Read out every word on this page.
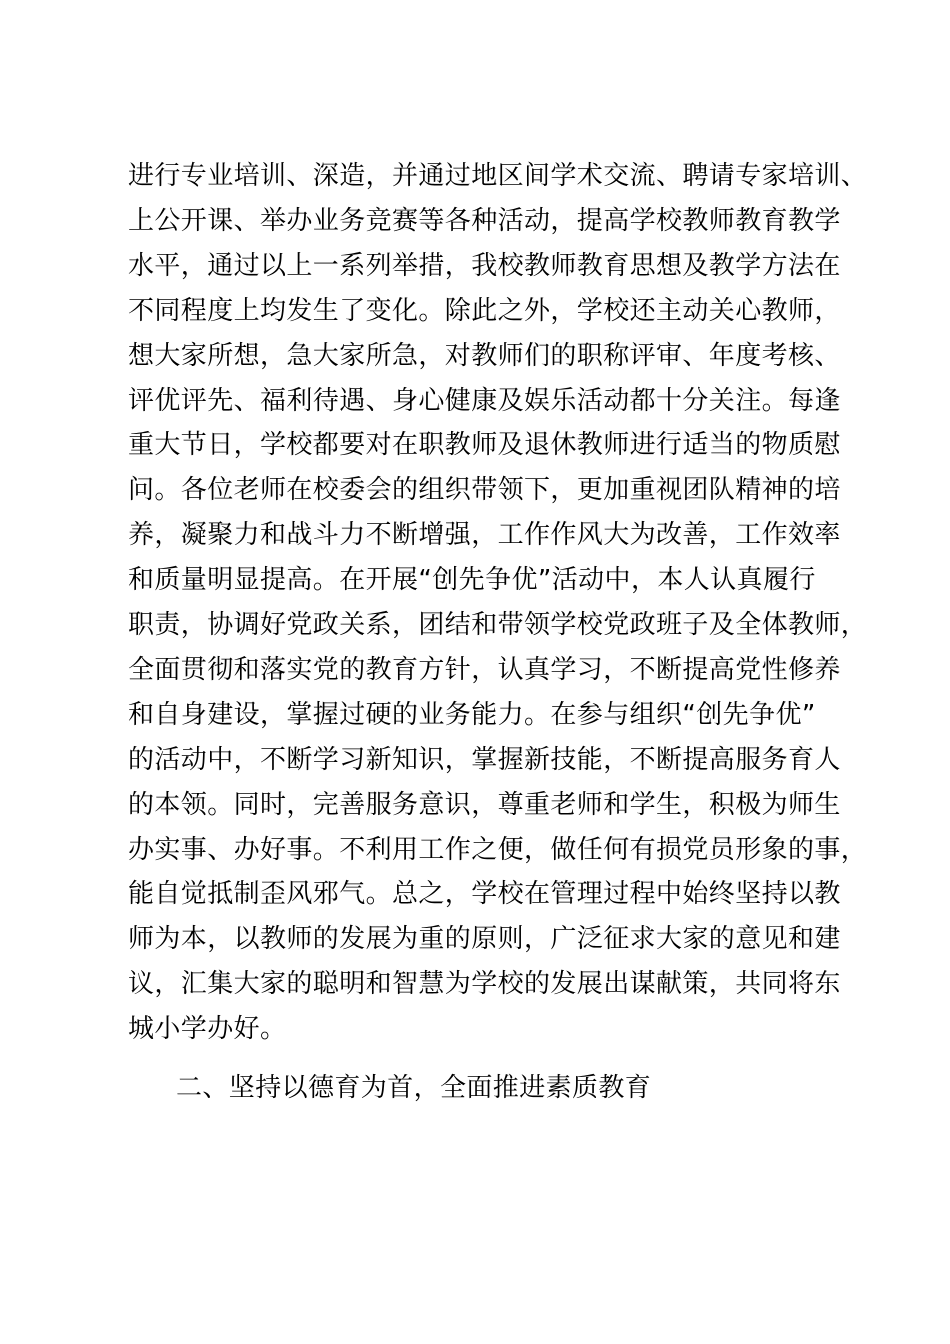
进行专业培训、深造，并通过地区间学术交流、聘请专家培训、
上公开课、举办业务竞赛等各种活动，提高学校教师教育教学
水平，通过以上一系列举措，我校教师教育思想及教学方法在
不同程度上均发生了变化。除此之外，学校还主动关心教师，
想大家所想，急大家所急，对教师们的职称评审、年度考核、
评优评先、福利待遇、身心健康及娱乐活动都十分关注。每逢
重大节日，学校都要对在职教师及退休教师进行适当的物质慰
问。各位老师在校委会的组织带领下，更加重视团队精神的培
养，凝聚力和战斗力不断增强，工作作风大为改善，工作效率
和质量明显提高。在开展“创先争优”活动中，本人认真履行
职责，协调好党政关系，团结和带领学校党政班子及全体教师，
全面贯彻和落实党的教育方针，认真学习，不断提高党性修养
和自身建设，掌握过硬的业务能力。在参与组织“创先争优”
的活动中，不断学习新知识，掌握新技能，不断提高服务育人
的本领。同时，完善服务意识，尊重老师和学生，积极为师生
办实事、办好事。不利用工作之便，做任何有损党员形象的事，
能自觉抵制歪风邪气。总之，学校在管理过程中始终坚持以教
师为本，以教师的发展为重的原则，广泛征求大家的意见和建
议，汇集大家的聪明和智慧为学校的发展出谋献策，共同将东
城小学办好。
二、坚持以德育为首，全面推进素质教育
